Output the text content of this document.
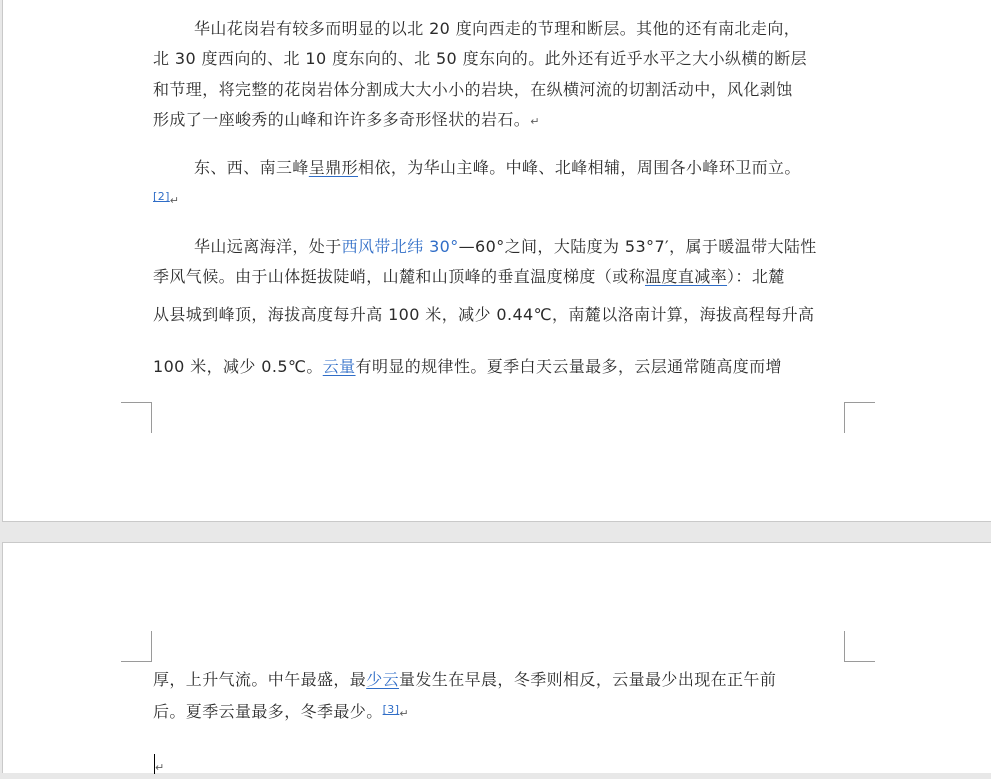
华山花岗岩有较多而明显的以北 20 度向西走的节理和断层。其他的还有南北走向，
北 30 度西向的、北 10 度东向的、北 50 度东向的。此外还有近乎水平之大小纵横的断层
和节理，将完整的花岗岩体分割成大大小小的岩块，在纵横河流的切割活动中，风化剥蚀
形成了一座峻秀的山峰和许许多多奇形怪状的岩石。↵
东、西、南三峰呈鼎形相依，为华山主峰。中峰、北峰相辅，周围各小峰环卫而立。
[2]↵
华山远离海洋，处于西风带北纬 30°—60°之间，大陆度为 53°7′，属于暖温带大陆性
季风气候。由于山体挺拔陡峭，山麓和山顶峰的垂直温度梯度（或称温度直减率）：北麓
从县城到峰顶，海拔高度每升高 100 米，减少 0.44℃，南麓以洛南计算，海拔高程每升高
100 米，减少 0.5℃。云量有明显的规律性。夏季白天云量最多，云层通常随高度而增
厚，上升气流。中午最盛，最少云量发生在早晨，冬季则相反，云量最少出现在正午前
后。夏季云量最多，冬季最少。[3]↵
↵
